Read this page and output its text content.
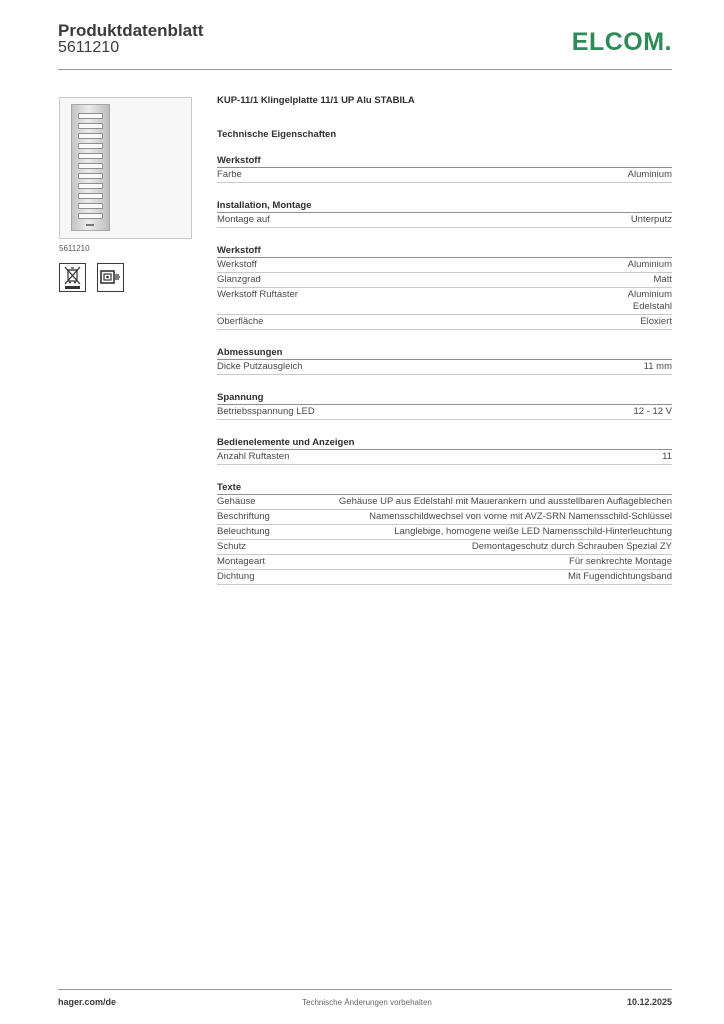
Produktdatenblatt
5611210	ELCOM.
5611210
KUP-11/1 Klingelplatte 11/1 UP Alu STABILA
Technische Eigenschaften
Werkstoff
Farbe	Aluminium
Installation, Montage
Montage auf	Unterputz
Werkstoff
Werkstoff	Aluminium
Glanzgrad	Matt
Werkstoff Ruftaster	Aluminium
Edelstahl
Oberfläche	Eloxiert
Abmessungen
Dicke Putzausgleich	11 mm
Spannung
Betriebsspannung LED	12 - 12 V
Bedienelemente und Anzeigen
Anzahl Ruftasten	11
Texte
Gehäuse	Gehäuse UP aus Edelstahl mit Mauerankern und ausstellbaren Auflageblechen
Beschriftung	Namensschildwechsel von vorne mit AVZ-SRN Namensschild-Schlüssel
Beleuchtung	Langlebige, homogene weiße LED Namensschild-Hinterleuchtung
Schutz	Demontageschutz durch Schrauben Spezial ZY
Montageart	Für senkrechte Montage
Dichtung	Mit Fugendichtungsband
hager.com/de	Technische Änderungen vorbehalten	10.12.2025
